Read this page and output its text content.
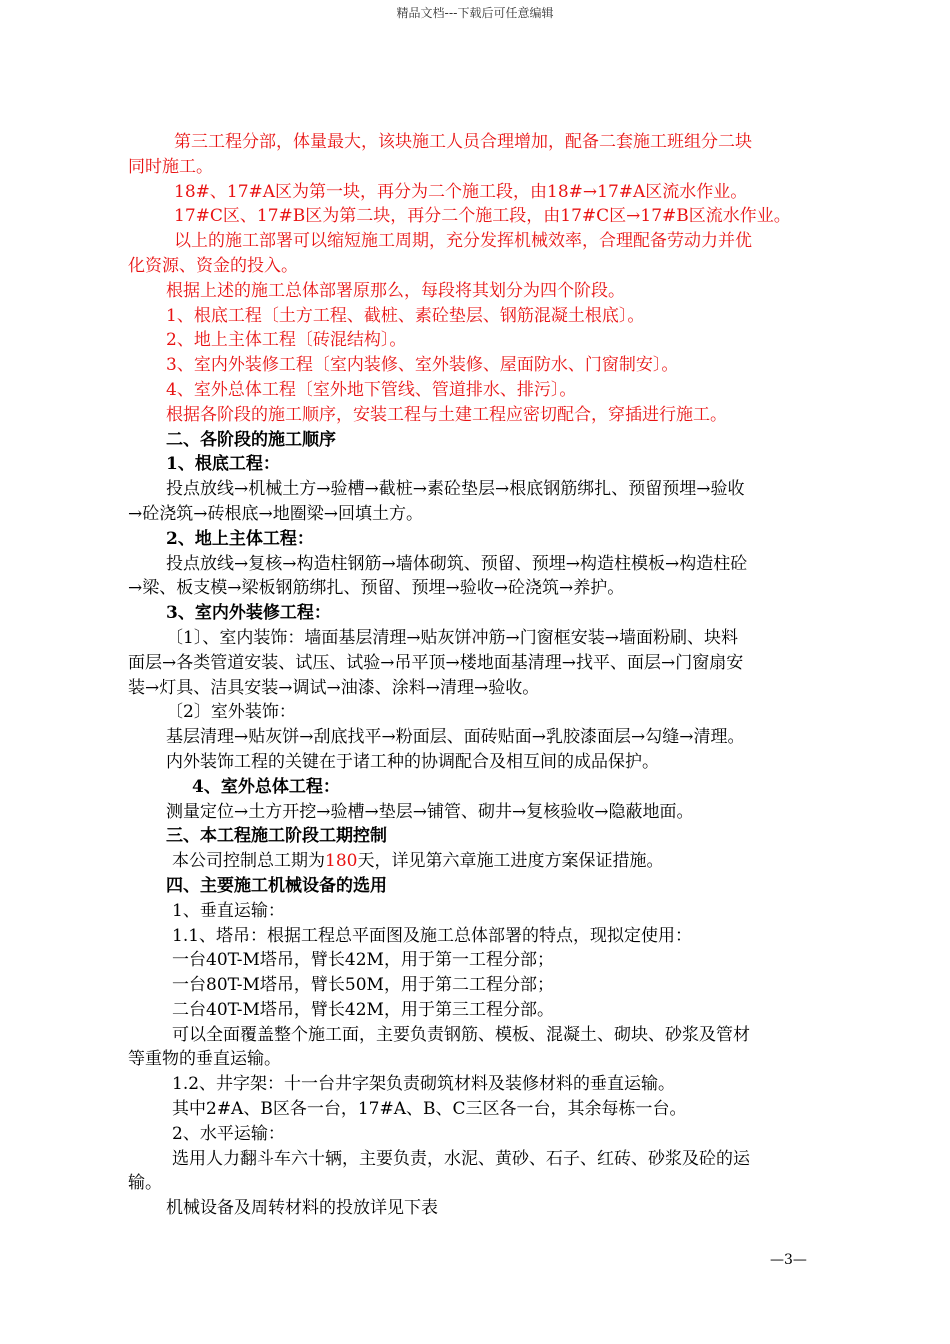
精品文档---下载后可任意编辑
第三工程分部，体量最大，该块施工人员合理增加，配备二套施工班组分二块
同时施工。
18#、17#A区为第一块，再分为二个施工段，由18#→17#A区流水作业。
17#C区、17#B区为第二块，再分二个施工段，由17#C区→17#B区流水作业。
以上的施工部署可以缩短施工周期，充分发挥机械效率，合理配备劳动力并优
化资源、资金的投入。
根据上述的施工总体部署原那么，每段将其划分为四个阶段。
1、根底工程〔土方工程、截桩、素砼垫层、钢筋混凝土根底〕。
2、地上主体工程〔砖混结构〕。
3、室内外装修工程〔室内装修、室外装修、屋面防水、门窗制安〕。
4、室外总体工程〔室外地下管线、管道排水、排污〕。
根据各阶段的施工顺序，安装工程与土建工程应密切配合，穿插进行施工。
二、各阶段的施工顺序
1、根底工程：
投点放线→机械土方→验槽→截桩→素砼垫层→根底钢筋绑扎、预留预埋→验收
→砼浇筑→砖根底→地圈梁→回填土方。
2、地上主体工程：
投点放线→复核→构造柱钢筋→墙体砌筑、预留、预埋→构造柱模板→构造柱砼
→梁、板支模→梁板钢筋绑扎、预留、预埋→验收→砼浇筑→养护。
3、室内外装修工程：
〔1〕、室内装饰：墙面基层清理→贴灰饼冲筋→门窗框安装→墙面粉刷、块料
面层→各类管道安装、试压、试验→吊平顶→楼地面基清理→找平、面层→门窗扇安
装→灯具、洁具安装→调试→油漆、涂料→清理→验收。
〔2〕室外装饰：
基层清理→贴灰饼→刮底找平→粉面层、面砖贴面→乳胶漆面层→勾缝→清理。
内外装饰工程的关键在于诸工种的协调配合及相互间的成品保护。
4、室外总体工程：
测量定位→土方开挖→验槽→垫层→铺管、砌井→复核验收→隐蔽地面。
三、本工程施工阶段工期控制
本公司控制总工期为180天，详见第六章施工进度方案保证措施。
四、主要施工机械设备的选用
1、垂直运输：
1.1、塔吊：根据工程总平面图及施工总体部署的特点，现拟定使用：
一台40T-M塔吊，臂长42M，用于第一工程分部；
一台80T-M塔吊，臂长50M，用于第二工程分部；
二台40T-M塔吊，臂长42M，用于第三工程分部。
可以全面覆盖整个施工面，主要负责钢筋、模板、混凝土、砌块、砂浆及管材
等重物的垂直运输。
1.2、井字架：十一台井字架负责砌筑材料及装修材料的垂直运输。
其中2#A、B区各一台，17#A、B、C三区各一台，其余每栋一台。
2、水平运输：
选用人力翻斗车六十辆，主要负责，水泥、黄砂、石子、红砖、砂浆及砼的运
输。
机械设备及周转材料的投放详见下表
—3—
